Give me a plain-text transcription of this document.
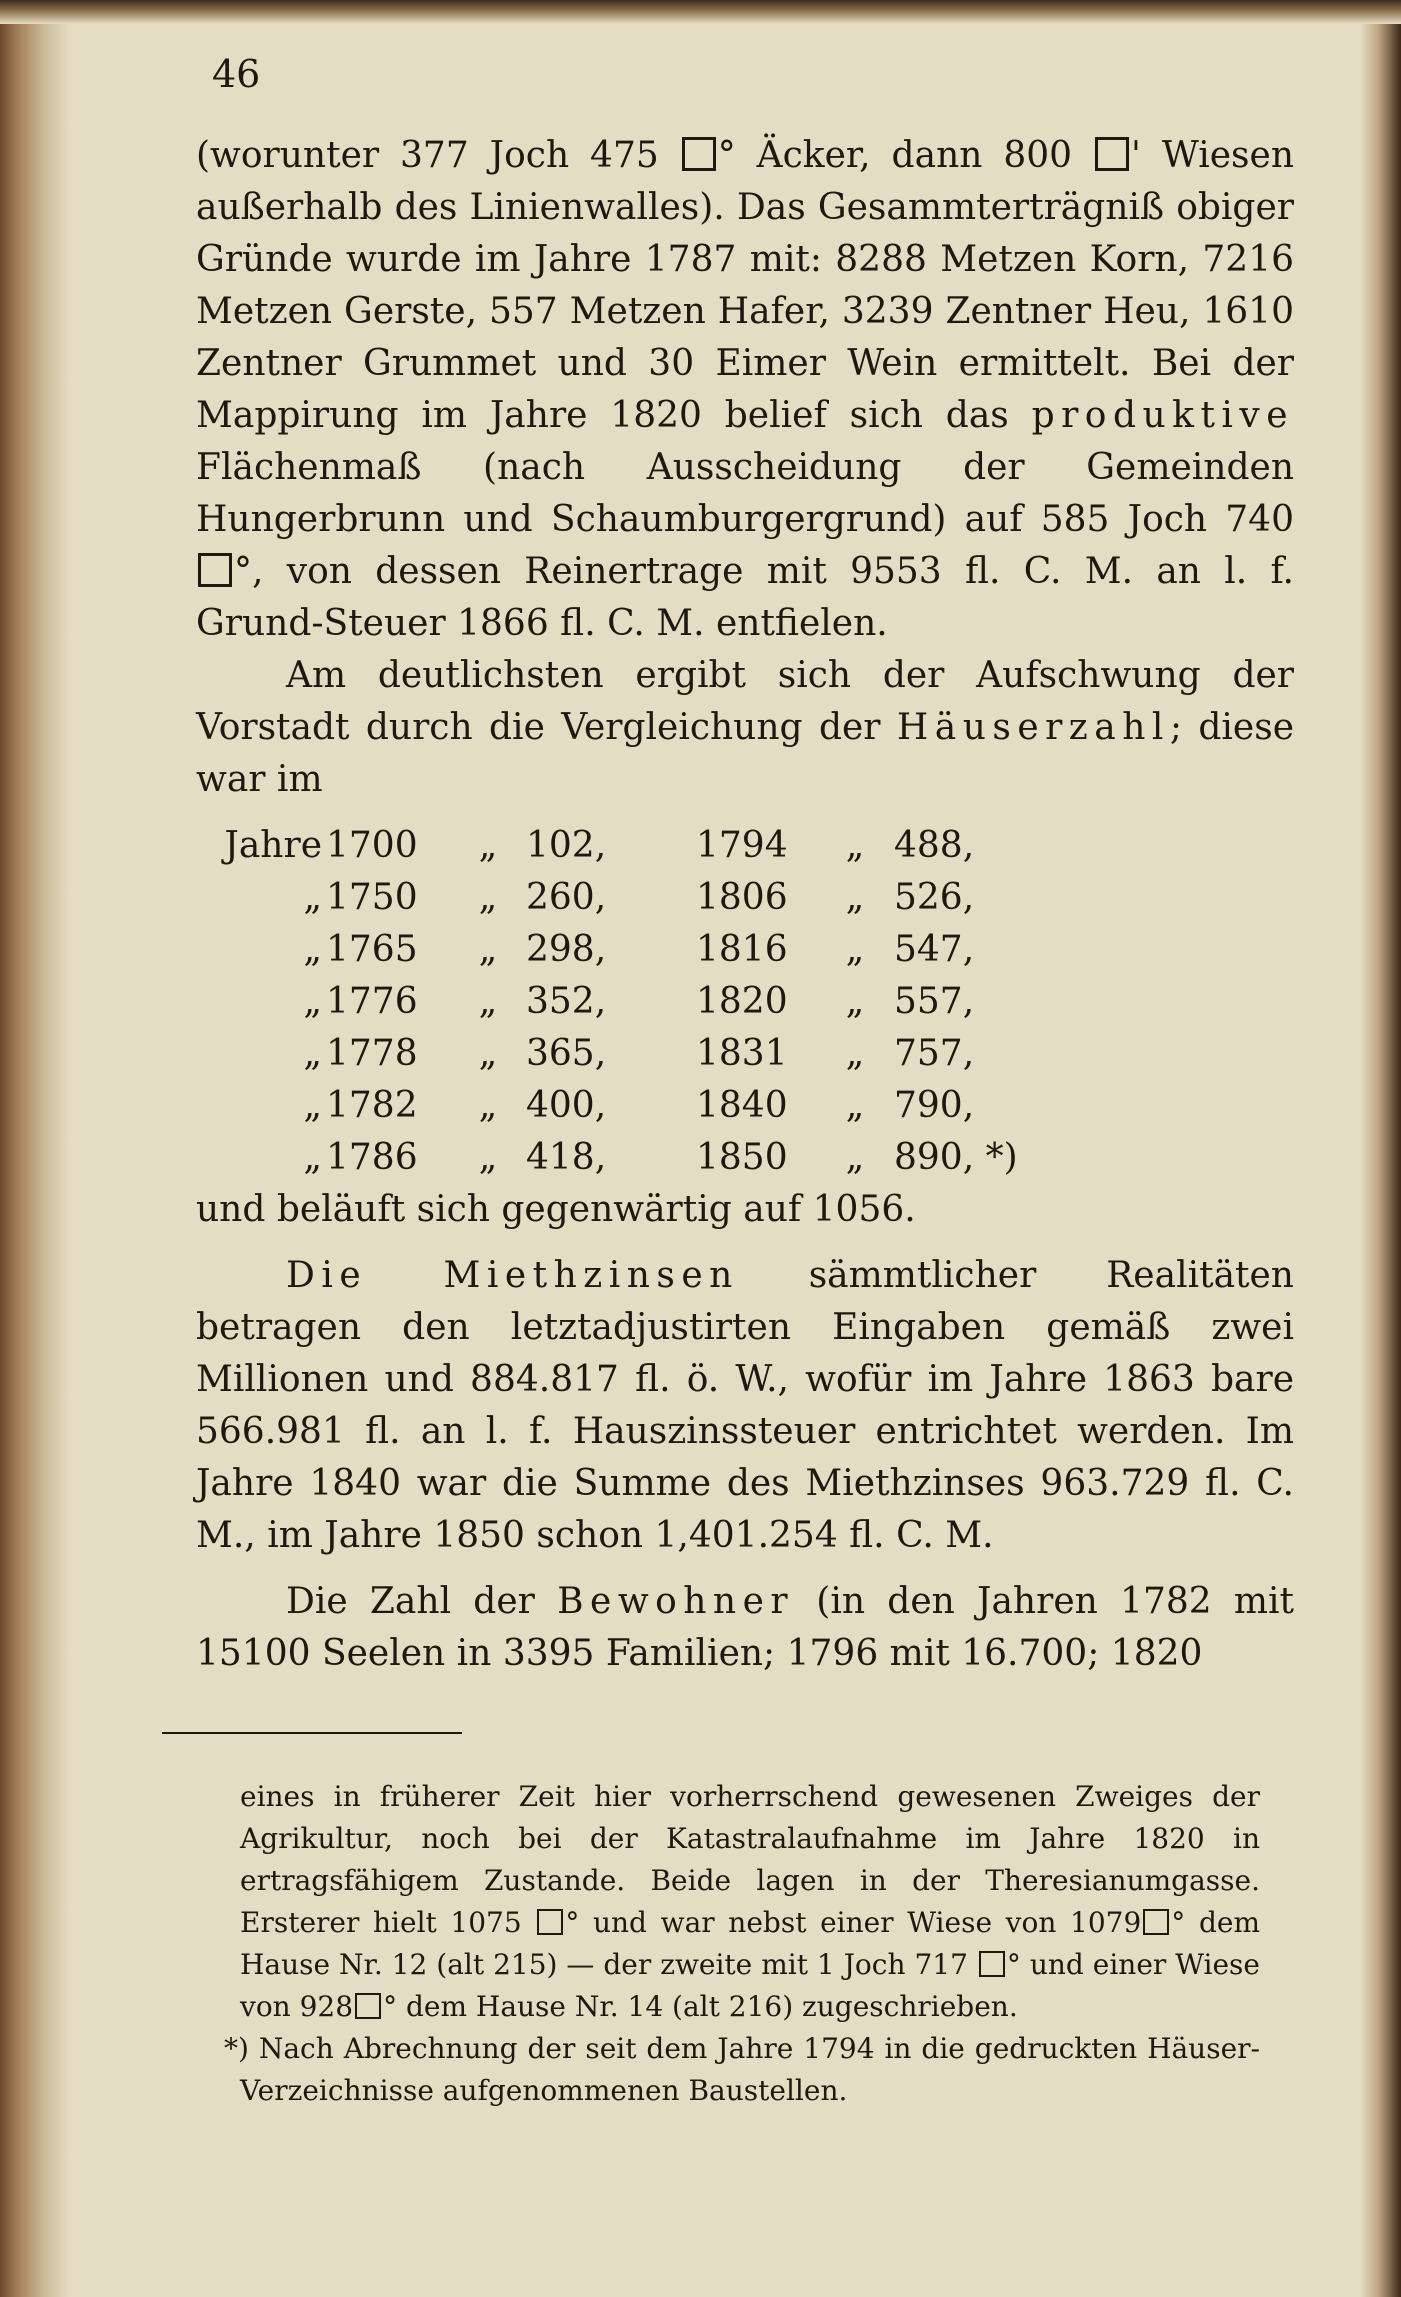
46

(worunter 377 Joch 475 ° Äcker, dann 800 ' Wiesen außerhalb des Linienwalles). Das Gesammterträgniß obiger Gründe wurde im Jahre 1787 mit: 8288 Metzen Korn, 7216 Metzen Gerste, 557 Metzen Hafer, 3239 Zentner Heu, 1610 Zentner Grummet und 30 Eimer Wein ermittelt. Bei der Mappirung im Jahre 1820 belief sich das produktive Flächenmaß (nach Ausscheidung der Gemeinden Hungerbrunn und Schaumburgergrund) auf 585 Joch 740 °, von dessen Reinertrage mit 9553 fl. C. M. an l. f. Grund-Steuer 1866 fl. C. M. entfielen.

Am deutlichsten ergibt sich der Aufschwung der Vorstadt durch die Vergleichung der Häuserzahl; diese war im

Jahre	1700	„	102,	1794	„	488,
„	1750	„	260,	1806	„	526,
„	1765	„	298,	1816	„	547,
„	1776	„	352,	1820	„	557,
„	1778	„	365,	1831	„	757,
„	1782	„	400,	1840	„	790,
„	1786	„	418,	1850	„	890, *)

und beläuft sich gegenwärtig auf 1056.

Die Miethzinsen sämmtlicher Realitäten betragen den letztadjustirten Eingaben gemäß zwei Millionen und 884.817 fl. ö. W., wofür im Jahre 1863 bare 566.981 fl. an l. f. Hauszinssteuer entrichtet werden. Im Jahre 1840 war die Summe des Miethzinses 963.729 fl. C. M., im Jahre 1850 schon 1,401.254 fl. C. M.

Die Zahl der Bewohner (in den Jahren 1782 mit 15100 Seelen in 3395 Familien; 1796 mit 16.700; 1820

eines in früherer Zeit hier vorherrschend gewesenen Zweiges der Agrikultur, noch bei der Katastralaufnahme im Jahre 1820 in ertragsfähigem Zustande. Beide lagen in der Theresianumgasse. Ersterer hielt 1075 ° und war nebst einer Wiese von 1079 ° dem Hause Nr. 12 (alt 215) — der zweite mit 1 Joch 717 ° und einer Wiese von 928 ° dem Hause Nr. 14 (alt 216) zugeschrieben.

*) Nach Abrechnung der seit dem Jahre 1794 in die gedruckten Häuser-Verzeichnisse aufgenommenen Baustellen.
